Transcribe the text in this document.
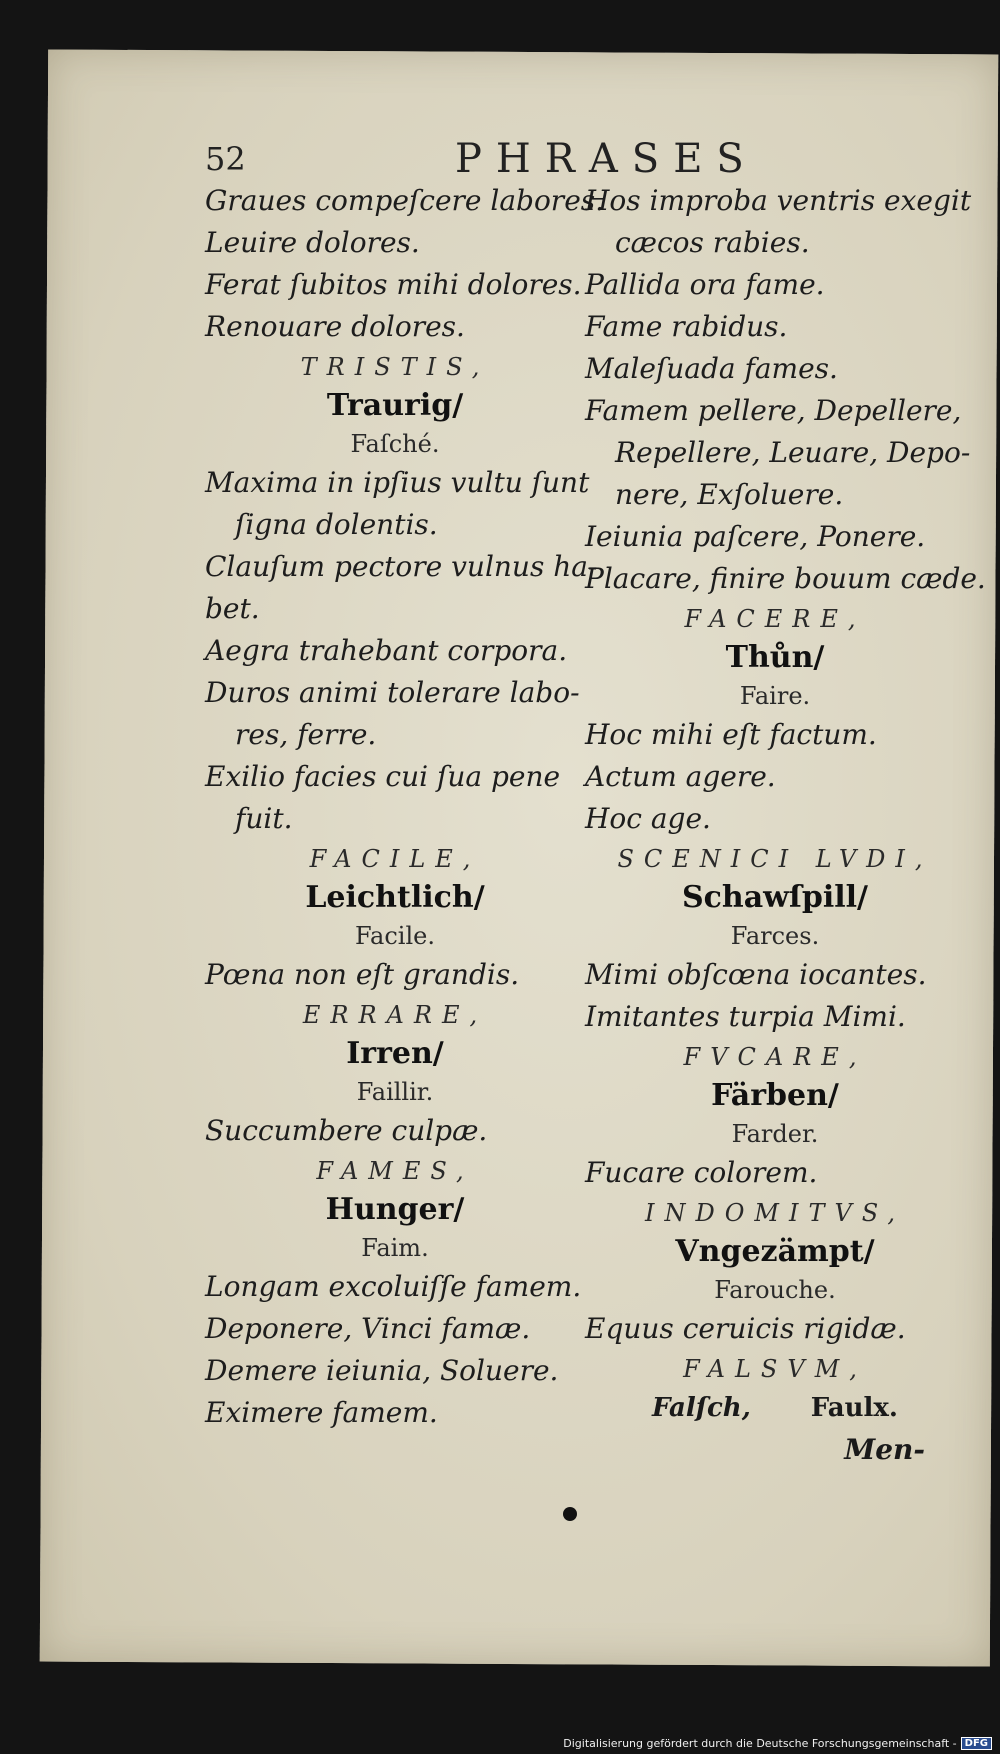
52	PHRASES
Graues compeſcere labores.
Leuire dolores.
Ferat ſubitos mihi dolores.
Renouare dolores.
TRISTIS,
Traurig/
Faſché.
Maxima in ipſius vultu ſunt
ſigna dolentis.
Clauſum pectore vulnus ha-
bet.
Aegra trahebant corpora.
Duros animi tolerare labo-
res, ferre.
Exilio facies cui ſua pene
fuit.
FACILE,
Leichtlich/
Facile.
Pœna non eſt grandis.
ERRARE,
Irren/
Faillir.
Succumbere culpæ.
FAMES,
Hunger/
Faim.
Longam excoluiſſe famem.
Deponere, Vinci famæ.
Demere ieiunia, Soluere.
Eximere famem.
Hos improba ventris exegit
cæcos rabies.
Pallida ora fame.
Fame rabidus.
Maleſuada fames.
Famem pellere, Depellere,
Repellere, Leuare, Depo-
nere, Exſoluere.
Ieiunia paſcere, Ponere.
Placare, finire bouum cæde.
FACERE,
Thůn/
Faire.
Hoc mihi eſt factum.
Actum agere.
Hoc age.
SCENICI LVDI,
Schawſpill/
Farces.
Mimi obſcœna iocantes.
Imitantes turpia Mimi.
FVCARE,
Färben/
Farder.
Fucare colorem.
INDOMITVS,
Vngezämpt/
Farouche.
Equus ceruicis rigidæ.
FALSVM,
Falſch, Faulx.
Men-
Digitalisierung gefördert durch die Deutsche Forschungsgemeinschaft - DFG
